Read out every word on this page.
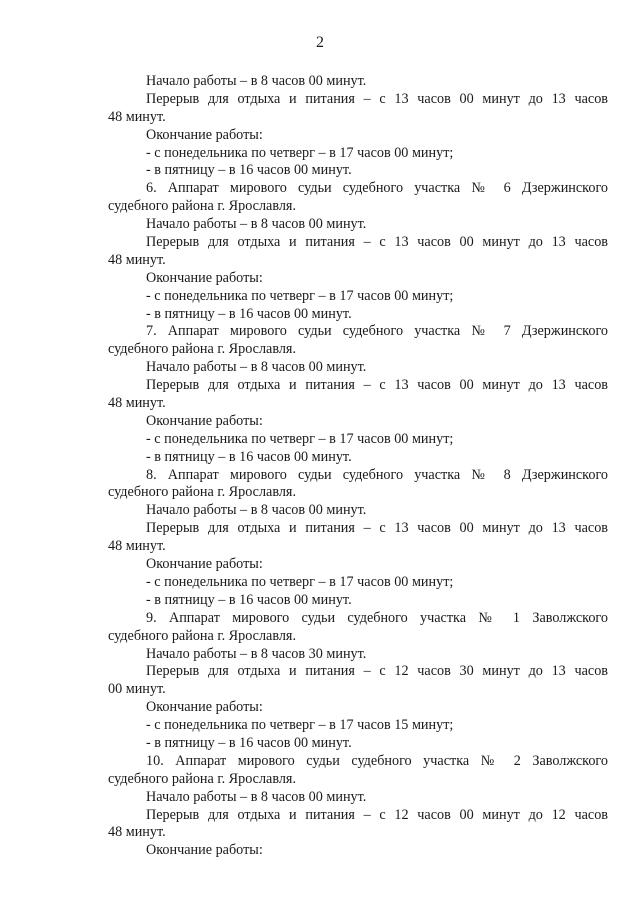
2
Начало работы – в 8 часов 00 минут.
Перерыв для отдыха и питания – с 13 часов 00 минут до 13 часов
48 минут.
Окончание работы:
- с понедельника по четверг – в 17 часов 00 минут;
- в пятницу – в 16 часов 00 минут.
6. Аппарат мирового судьи судебного участка № 6 Дзержинского
судебного района г. Ярославля.
Начало работы – в 8 часов 00 минут.
Перерыв для отдыха и питания – с 13 часов 00 минут до 13 часов
48 минут.
Окончание работы:
- с понедельника по четверг – в 17 часов 00 минут;
- в пятницу – в 16 часов 00 минут.
7. Аппарат мирового судьи судебного участка № 7 Дзержинского
судебного района г. Ярославля.
Начало работы – в 8 часов 00 минут.
Перерыв для отдыха и питания – с 13 часов 00 минут до 13 часов
48 минут.
Окончание работы:
- с понедельника по четверг – в 17 часов 00 минут;
- в пятницу – в 16 часов 00 минут.
8. Аппарат мирового судьи судебного участка № 8 Дзержинского
судебного района г. Ярославля.
Начало работы – в 8 часов 00 минут.
Перерыв для отдыха и питания – с 13 часов 00 минут до 13 часов
48 минут.
Окончание работы:
- с понедельника по четверг – в 17 часов 00 минут;
- в пятницу – в 16 часов 00 минут.
9. Аппарат мирового судьи судебного участка № 1 Заволжского
судебного района г. Ярославля.
Начало работы – в 8 часов 30 минут.
Перерыв для отдыха и питания – с 12 часов 30 минут до 13 часов
00 минут.
Окончание работы:
- с понедельника по четверг – в 17 часов 15 минут;
- в пятницу – в 16 часов 00 минут.
10. Аппарат мирового судьи судебного участка № 2 Заволжского
судебного района г. Ярославля.
Начало работы – в 8 часов 00 минут.
Перерыв для отдыха и питания – с 12 часов 00 минут до 12 часов
48 минут.
Окончание работы:
